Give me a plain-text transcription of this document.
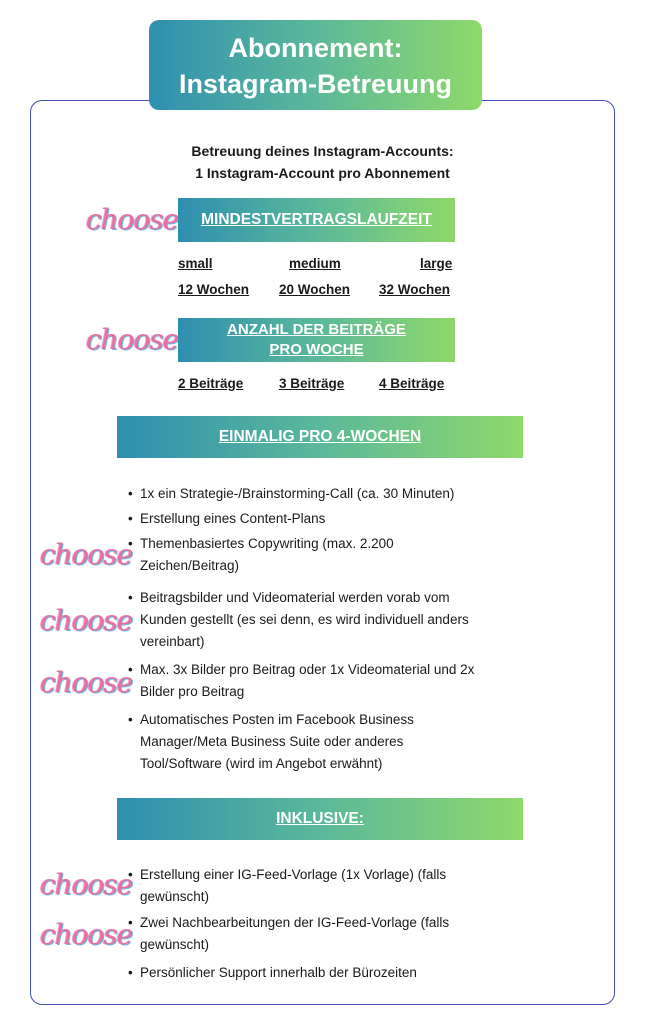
Abonnement:
Instagram-Betreuung
Betreuung deines Instagram-Accounts:
1 Instagram-Account pro Abonnement
choose	MINDESTVERTRAGSLAUFZEIT
small	medium	large
12 Wochen 20 Wochen 32 Wochen
choose	ANZAHL DER BEITRÄGE
PRO WOCHE
2 Beiträge	3 Beiträge	4 Beiträge
EINMALIG PRO 4-WOCHEN
• 1x ein Strategie-/Brainstorming-Call (ca. 30 Minuten)
• Erstellung eines Content-Plans
• Themenbasiertes Copywriting (max. 2.200
Zeichen/Beitrag)
• Beitragsbilder und Videomaterial werden vorab vom
Kunden gestellt (es sei denn, es wird individuell anders
vereinbart)
• Max. 3x Bilder pro Beitrag oder 1x Videomaterial und 2x
Bilder pro Beitrag
• Automatisches Posten im Facebook Business
Manager/Meta Business Suite oder anderes
Tool/Software (wird im Angebot erwähnt)
choose
choose
choose
INKLUSIVE:
• Erstellung einer IG-Feed-Vorlage (1x Vorlage) (falls
gewünscht)
• Zwei Nachbearbeitungen der IG-Feed-Vorlage (falls
gewünscht)
• Persönlicher Support innerhalb der Bürozeiten
choose
choose
